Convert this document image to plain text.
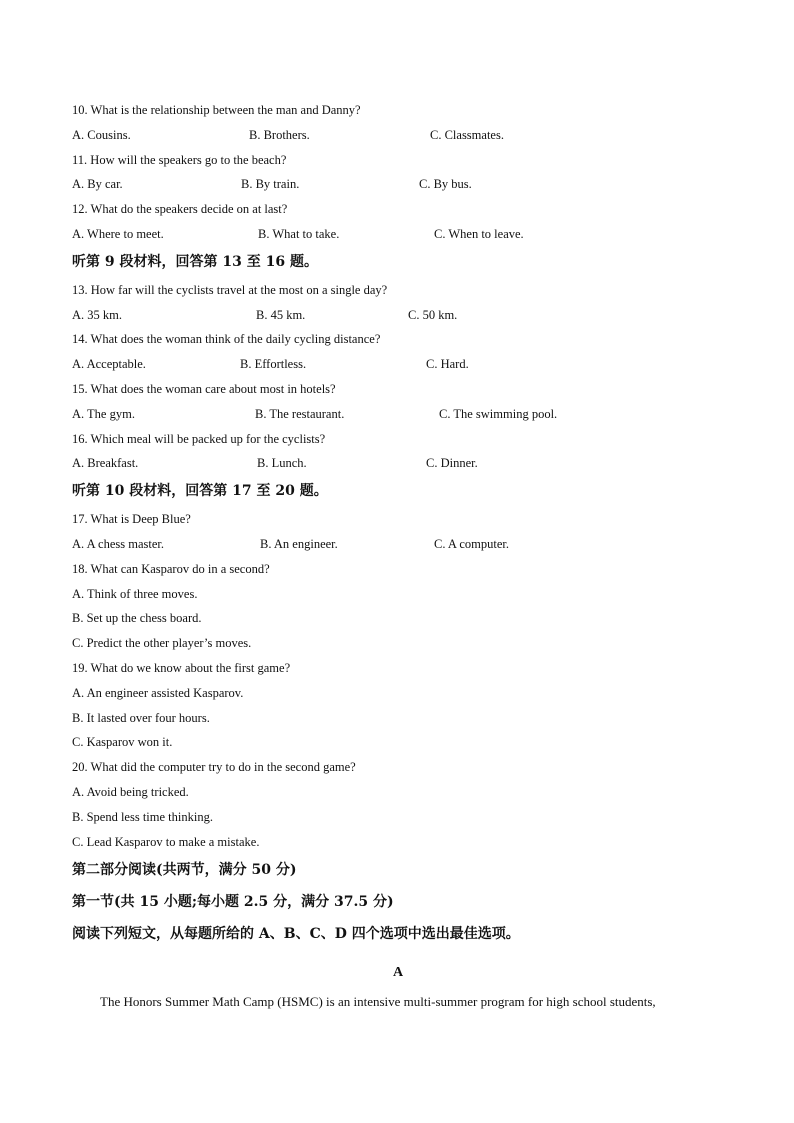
10. What is the relationship between the man and Danny?
A. Cousins.	B. Brothers.	C. Classmates.
11. How will the speakers go to the beach?
A. By car.	B. By train.	C. By bus.
12. What do the speakers decide on at last?
A. Where to meet.	B. What to take.	C. When to leave.
听第 9 段材料，回答第 13 至 16 题。
13. How far will the cyclists travel at the most on a single day?
A. 35 km.	B. 45 km.	C. 50 km.
14. What does the woman think of the daily cycling distance?
A. Acceptable.	B. Effortless.	C. Hard.
15. What does the woman care about most in hotels?
A. The gym.	B. The restaurant.	C. The swimming pool.
16. Which meal will be packed up for the cyclists?
A. Breakfast.	B. Lunch.	C. Dinner.
听第 10 段材料，回答第 17 至 20 题。
17. What is Deep Blue?
A. A chess master.	B. An engineer.	C. A computer.
18. What can Kasparov do in a second?
A. Think of three moves.
B. Set up the chess board.
C. Predict the other player’s moves.
19. What do we know about the first game?
A. An engineer assisted Kasparov.
B. It lasted over four hours.
C. Kasparov won it.
20. What did the computer try to do in the second game?
A. Avoid being tricked.
B. Spend less time thinking.
C. Lead Kasparov to make a mistake.
第二部分阅读(共两节，满分 50 分)
第一节(共 15 小题;每小题 2.5 分，满分 37.5 分)
阅读下列短文，从每题所给的 A、B、C、D 四个选项中选出最佳选项。
A
The Honors Summer Math Camp (HSMC) is an intensive multi-summer program for high school students,
